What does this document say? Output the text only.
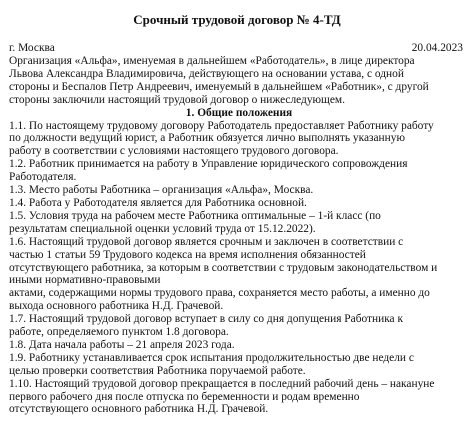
Срочный трудовой договор № 4-ТД
г. Москва	20.04.2023

Организация «Альфа», именуемая в дальнейшем «Работодатель», в лице директора

Львова Александра Владимировича, действующего на основании устава, с одной

стороны и Беспалов Петр Андреевич, именуемый в дальнейшем «Работник», с другой

стороны заключили настоящий трудовой договор о нижеследующем.

1. Общие положения

1.1. По настоящему трудовому договору Работодатель предоставляет Работнику работу

по должности ведущий юрист, а Работник обязуется лично выполнять указанную

работу в соответствии с условиями настоящего трудового договора.

1.2. Работник принимается на работу в Управление юридического сопровождения

Работодателя.

1.3. Место работы Работника – организация «Альфа», Москва.

1.4. Работа у Работодателя является для Работника основной.

1.5. Условия труда на рабочем месте Работника оптимальные – 1-й класс (по

результатам специальной оценки условий труда от 15.12.2022).

1.6. Настоящий трудовой договор является срочным и заключен в соответствии с

частью 1 статьи 59 Трудового кодекса на время исполнения обязанностей

отсутствующего работника, за которым в соответствии с трудовым законодательством и

иными нормативно-правовыми

актами, содержащими нормы трудового права, сохраняется место работы, а именно до

выхода основного работника Н.Д. Грачевой.

1.7. Настоящий трудовой договор вступает в силу со дня допущения Работника к

работе, определяемого пунктом 1.8 договора.

1.8. Дата начала работы – 21 апреля 2023 года.

1.9. Работнику устанавливается срок испытания продолжительностью две недели с

целью проверки соответствия Работника поручаемой работе.

1.10. Настоящий трудовой договор прекращается в последний рабочий день – накануне

первого рабочего дня после отпуска по беременности и родам временно

отсутствующего основного работника Н.Д. Грачевой.
